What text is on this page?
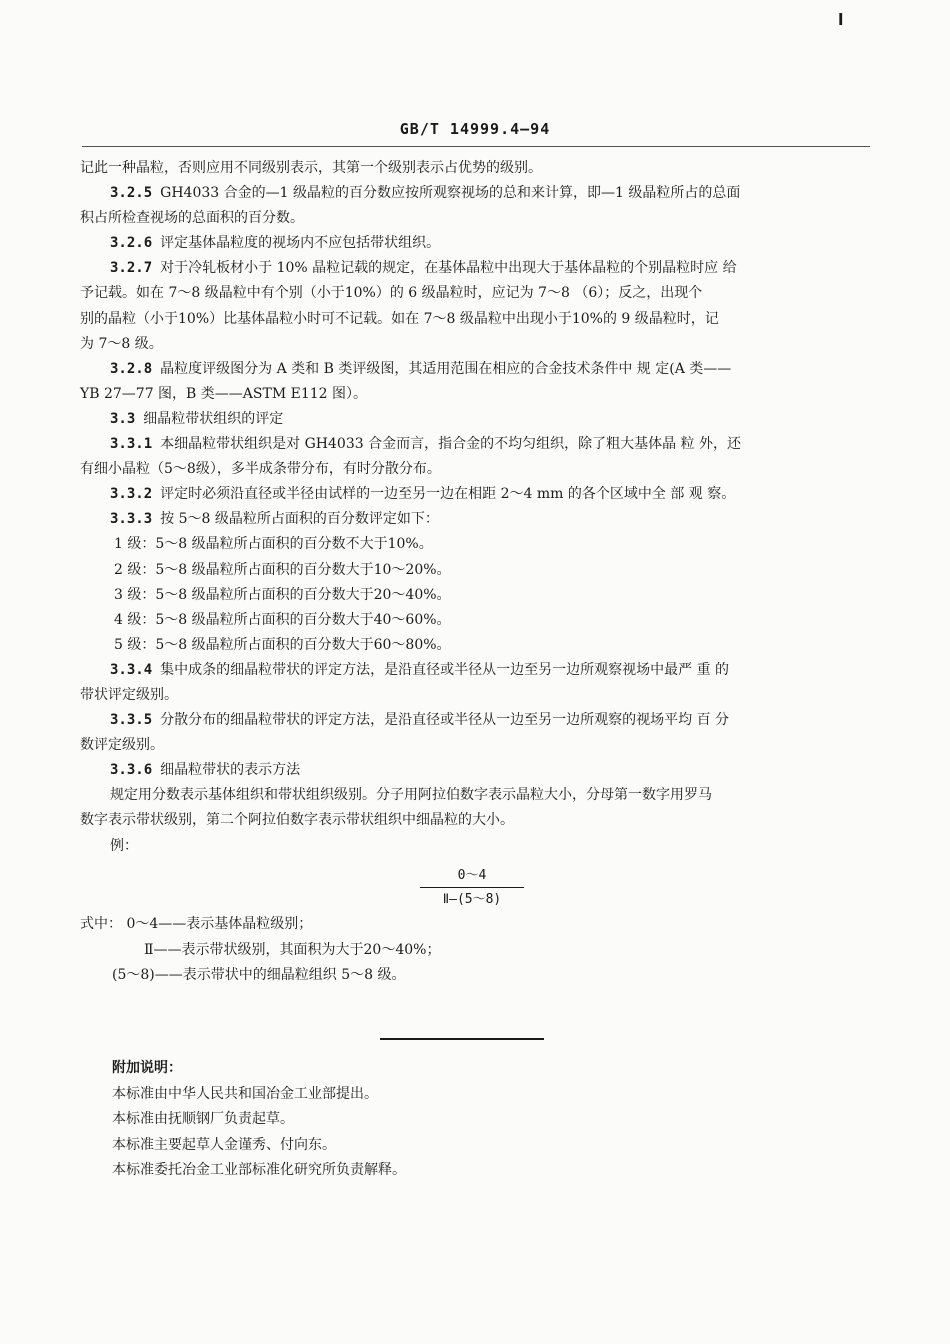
l
GB/T 14999.4—94

记此一种晶粒，否则应用不同级别表示，其第一个级别表示占优势的级别。

3.2.5 GH4033 合金的—1 级晶粒的百分数应按所观察视场的总和来计算，即—1 级晶粒所占的总面

积占所检查视场的总面积的百分数。

3.2.6 评定基体晶粒度的视场内不应包括带状组织。

3.2.7 对于冷轧板材小于 10% 晶粒记载的规定，在基体晶粒中出现大于基体晶粒的个别晶粒时应 给

予记载。如在 7～8 级晶粒中有个别（小于10%）的 6 级晶粒时，应记为 7～8 （6）；反之，出现个

别的晶粒（小于10%）比基体晶粒小时可不记载。如在 7～8 级晶粒中出现小于10%的 9 级晶粒时，记

为 7～8 级。

3.2.8 晶粒度评级图分为 A 类和 B 类评级图，其适用范围在相应的合金技术条件中 规 定(A 类——

YB 27—77 图，B 类——ASTM E112 图）。

3.3 细晶粒带状组织的评定

3.3.1 本细晶粒带状组织是对 GH4033 合金而言，指合金的不均匀组织，除了粗大基体晶 粒 外，还

有细小晶粒（5～8级），多半成条带分布，有时分散分布。

3.3.2 评定时必须沿直径或半径由试样的一边至另一边在相距 2～4 mm 的各个区域中全 部 观 察。

3.3.3 按 5～8 级晶粒所占面积的百分数评定如下：

1 级：5～8 级晶粒所占面积的百分数不大于10%。

2 级：5～8 级晶粒所占面积的百分数大于10～20%。

3 级：5～8 级晶粒所占面积的百分数大于20～40%。

4 级：5～8 级晶粒所占面积的百分数大于40～60%。

5 级：5～8 级晶粒所占面积的百分数大于60～80%。

3.3.4 集中成条的细晶粒带状的评定方法，是沿直径或半径从一边至另一边所观察视场中最严 重 的

带状评定级别。

3.3.5 分散分布的细晶粒带状的评定方法，是沿直径或半径从一边至另一边所观察的视场平均 百 分

数评定级别。

3.3.6 细晶粒带状的表示方法

规定用分数表示基体组织和带状组织级别。分子用阿拉伯数字表示晶粒大小，分母第一数字用罗马

数字表示带状级别，第二个阿拉伯数字表示带状组织中细晶粒的大小。

例：

0～4
Ⅱ—(5～8)

式中： 0～4——表示基体晶粒级别；

Ⅱ——表示带状级别，其面积为大于20～40%；

(5～8)——表示带状中的细晶粒组织 5～8 级。

附加说明：

本标准由中华人民共和国冶金工业部提出。

本标准由抚顺钢厂负责起草。

本标准主要起草人金谨秀、付向东。

本标准委托冶金工业部标准化研究所负责解释。
